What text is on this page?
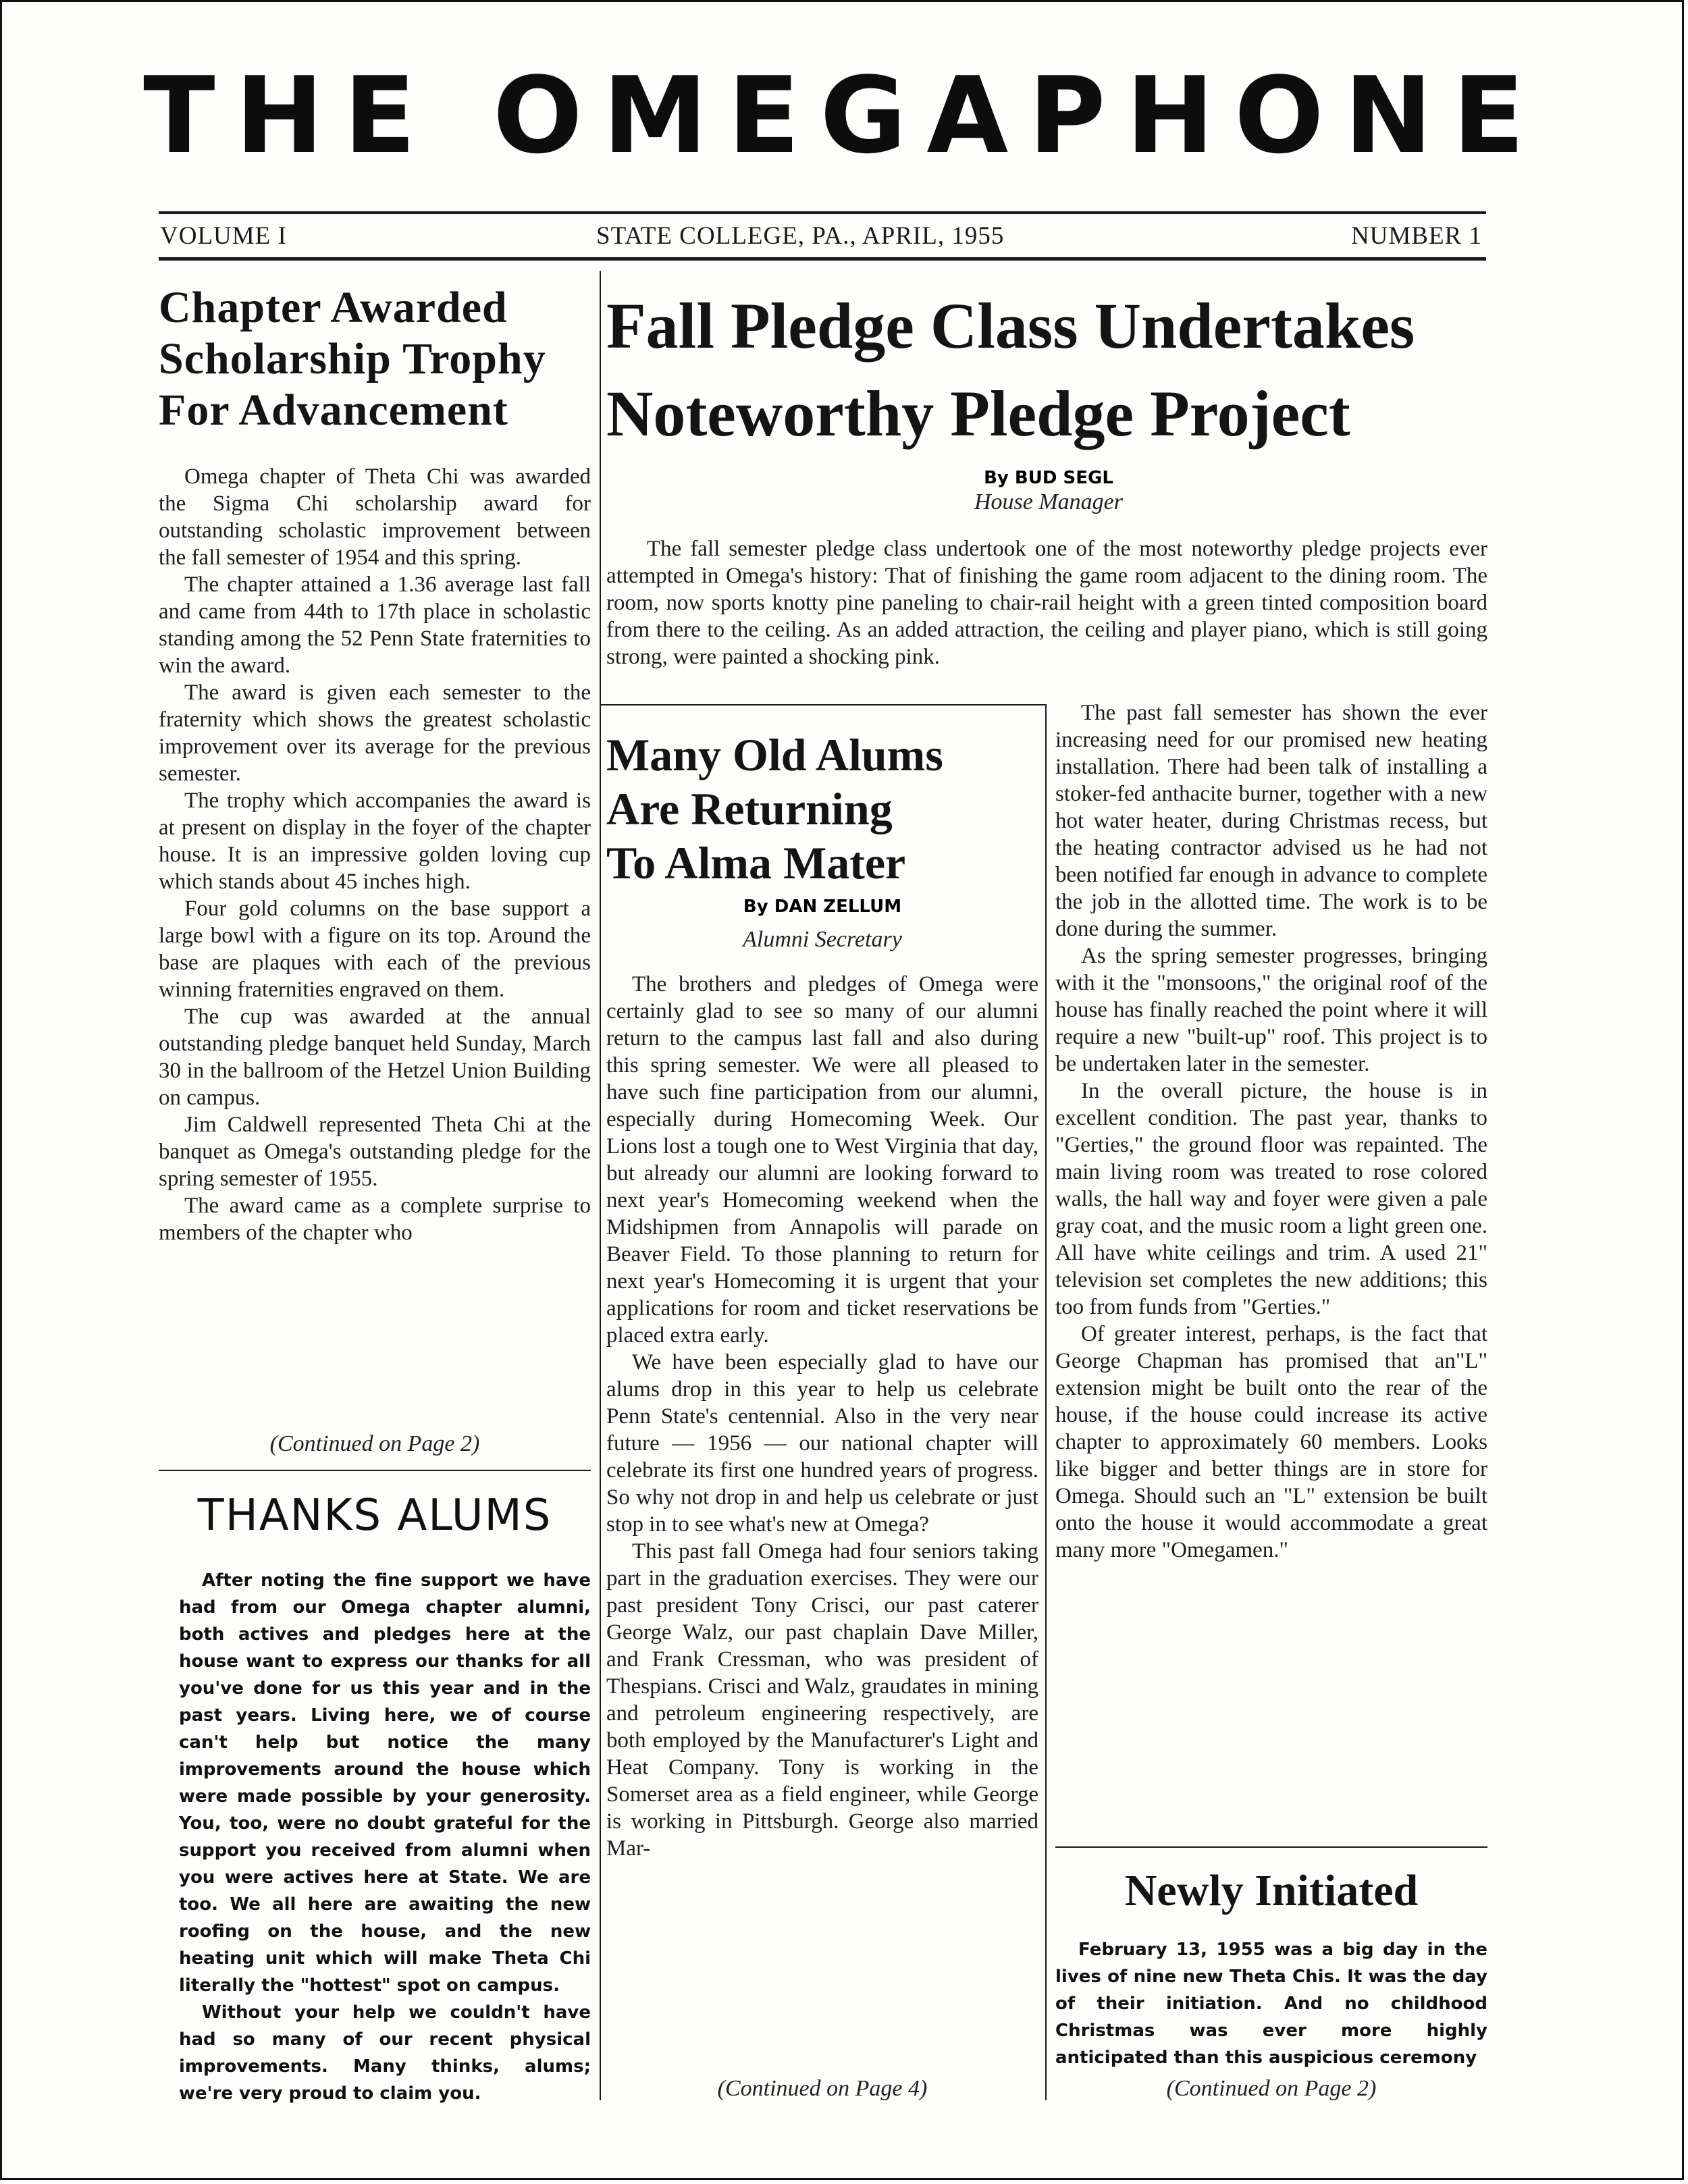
THE OMEGAPHONE
VOLUME I	STATE COLLEGE, PA., APRIL, 1955	NUMBER 1
Chapter Awarded
Scholarship Trophy
For Advancement

Omega chapter of Theta Chi was awarded the Sigma Chi scholarship award for outstanding scholastic improvement between the fall semester of 1954 and this spring.

The chapter attained a 1.36 average last fall and came from 44th to 17th place in scholastic standing among the 52 Penn State fraternities to win the award.

The award is given each semester to the fraternity which shows the greatest scholastic improvement over its average for the previous semester.

The trophy which accompanies the award is at present on display in the foyer of the chapter house. It is an impressive golden loving cup which stands about 45 inches high.

Four gold columns on the base support a large bowl with a figure on its top. Around the base are plaques with each of the previous winning fraternities engraved on them.

The cup was awarded at the annual outstanding pledge banquet held Sunday, March 30 in the ballroom of the Hetzel Union Building on campus.

Jim Caldwell represented Theta Chi at the banquet as Omega's outstanding pledge for the spring semester of 1955.

The award came as a complete surprise to members of the chapter who

(Continued on Page 2)
THANKS ALUMS

After noting the fine support we have had from our Omega chapter alumni, both actives and pledges here at the house want to express our thanks for all you've done for us this year and in the past years. Living here, we of course can't help but notice the many improvements around the house which were made possible by your generosity. You, too, were no doubt grateful for the support you received from alumni when you were actives here at State. We are too. We all here are awaiting the new roofing on the house, and the new heating unit which will make Theta Chi literally the "hottest" spot on campus.

Without your help we couldn't have had so many of our recent physical improvements. Many thinks, alums; we're very proud to claim you.

Fall Pledge Class Undertakes
Noteworthy Pledge Project
By BUD SEGL
House Manager

The fall semester pledge class undertook one of the most noteworthy pledge projects ever attempted in Omega's history: That of finishing the game room adjacent to the dining room. The room, now sports knotty pine paneling to chair-rail height with a green tinted composition board from there to the ceiling. As an added attraction, the ceiling and player piano, which is still going strong, were painted a shocking pink.

Many Old Alums
Are Returning
To Alma Mater
By DAN ZELLUM
Alumni Secretary

The brothers and pledges of Omega were certainly glad to see so many of our alumni return to the campus last fall and also during this spring semester. We were all pleased to have such fine participation from our alumni, especially during Homecoming Week. Our Lions lost a tough one to West Virginia that day, but already our alumni are looking forward to next year's Homecoming weekend when the Midshipmen from Annapolis will parade on Beaver Field. To those planning to return for next year's Homecoming it is urgent that your applications for room and ticket reservations be placed extra early.

We have been especially glad to have our alums drop in this year to help us celebrate Penn State's centennial. Also in the very near future — 1956 — our national chapter will celebrate its first one hundred years of progress. So why not drop in and help us celebrate or just stop in to see what's new at Omega?

This past fall Omega had four seniors taking part in the graduation exercises. They were our past president Tony Crisci, our past caterer George Walz, our past chaplain Dave Miller, and Frank Cressman, who was president of Thespians. Crisci and Walz, graudates in mining and petroleum engineering respectively, are both employed by the Manufacturer's Light and Heat Company. Tony is working in the Somerset area as a field engineer, while George is working in Pittsburgh. George also married Mar-

(Continued on Page 4)

The past fall semester has shown the ever increasing need for our promised new heating installation. There had been talk of installing a stoker-fed anthacite burner, together with a new hot water heater, during Christmas recess, but the heating contractor advised us he had not been notified far enough in advance to complete the job in the allotted time. The work is to be done during the summer.

As the spring semester progresses, bringing with it the "monsoons," the original roof of the house has finally reached the point where it will require a new "built-up" roof. This project is to be undertaken later in the semester.

In the overall picture, the house is in excellent condition. The past year, thanks to "Gerties," the ground floor was repainted. The main living room was treated to rose colored walls, the hall way and foyer were given a pale gray coat, and the music room a light green one. All have white ceilings and trim. A used 21" television set completes the new additions; this too from funds from "Gerties."

Of greater interest, perhaps, is the fact that George Chapman has promised that an"L" extension might be built onto the rear of the house, if the house could increase its active chapter to approximately 60 members. Looks like bigger and better things are in store for Omega. Should such an "L" extension be built onto the house it would accommodate a great many more "Omegamen."

Newly Initiated

February 13, 1955 was a big day in the lives of nine new Theta Chis. It was the day of their initiation. And no childhood Christmas was ever more highly anticipated than this auspicious ceremony

(Continued on Page 2)
